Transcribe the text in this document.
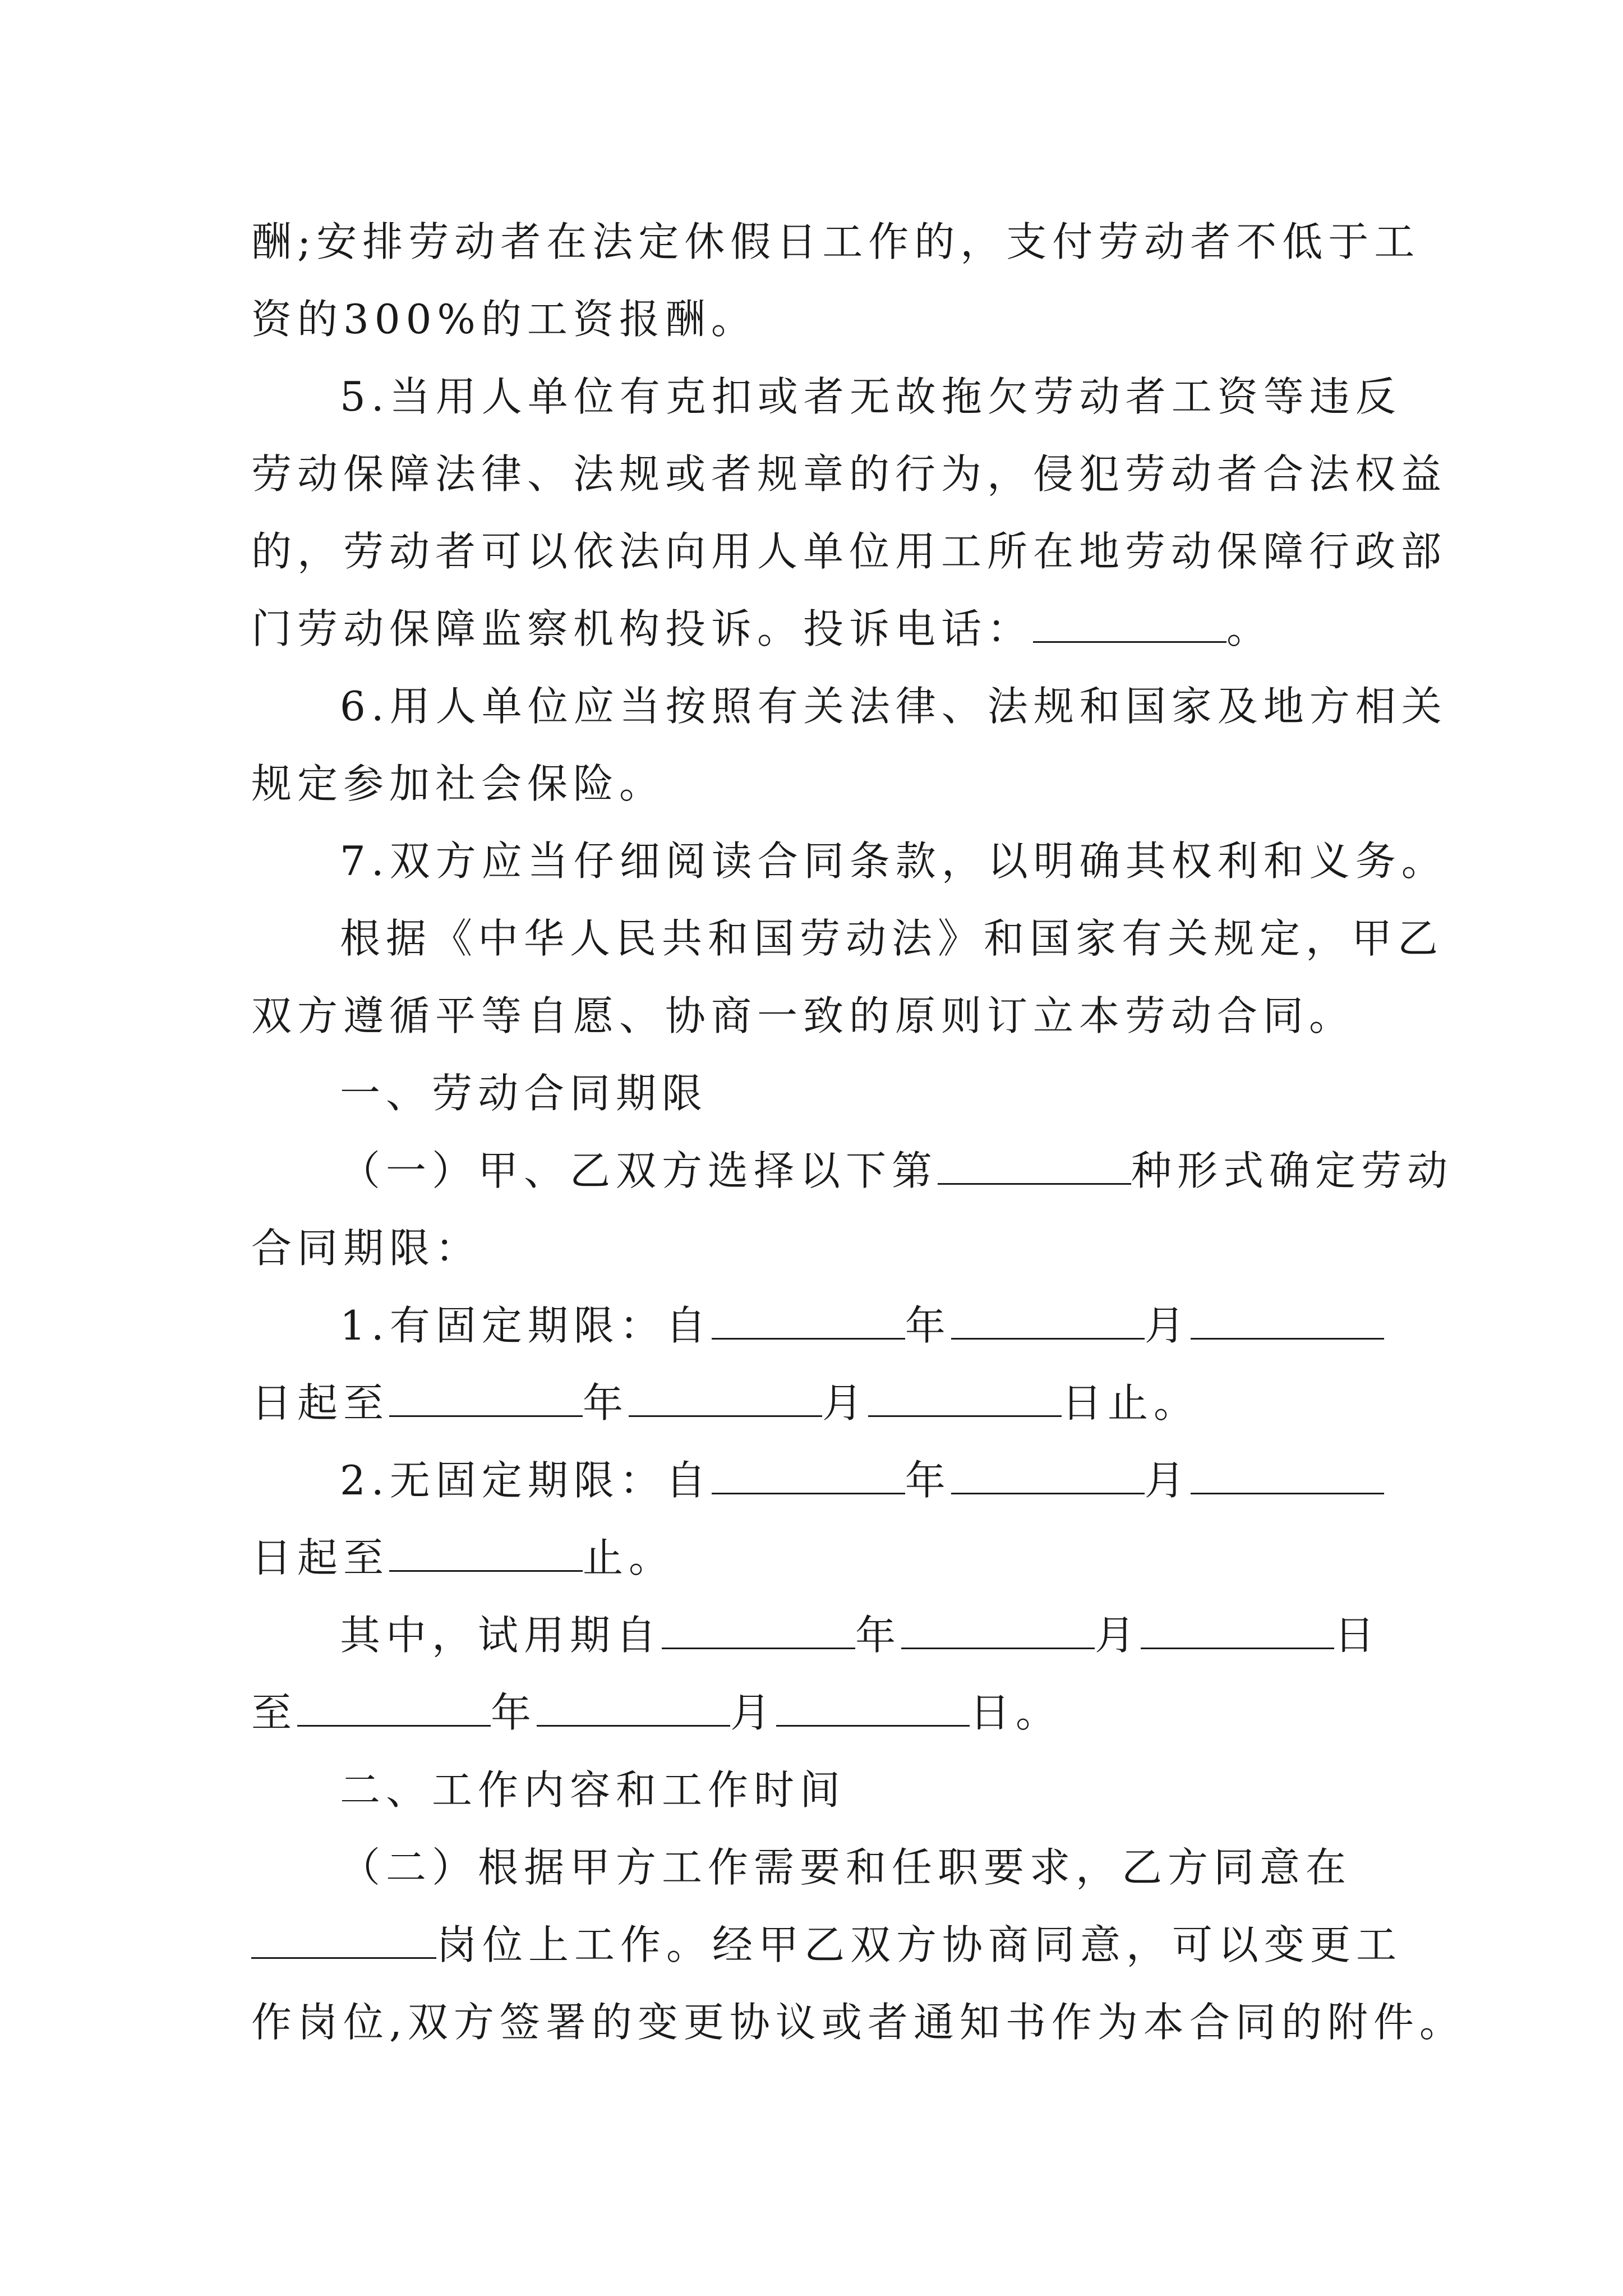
酬;安排劳动者在法定休假日工作的，支付劳动者不低于工

资的300%的工资报酬。

5.当用人单位有克扣或者无故拖欠劳动者工资等违反

劳动保障法律、法规或者规章的行为，侵犯劳动者合法权益

的，劳动者可以依法向用人单位用工所在地劳动保障行政部

门劳动保障监察机构投诉。投诉电话：	。

6.用人单位应当按照有关法律、法规和国家及地方相关

规定参加社会保险。

7.双方应当仔细阅读合同条款，以明确其权利和义务。

根据《中华人民共和国劳动法》和国家有关规定，甲乙

双方遵循平等自愿、协商一致的原则订立本劳动合同。

一、劳动合同期限

（一）甲、乙双方选择以下第	种形式确定劳动

合同期限：

1.有固定期限：自	年	月

日起至	年	月	日止。

2.无固定期限：自	年	月

日起至	止。

其中，试用期自	年	月	日

至	年	月	日。

二、工作内容和工作时间

（二）根据甲方工作需要和任职要求，乙方同意在

岗位上工作。经甲乙双方协商同意，可以变更工

作岗位,双方签署的变更协议或者通知书作为本合同的附件。
